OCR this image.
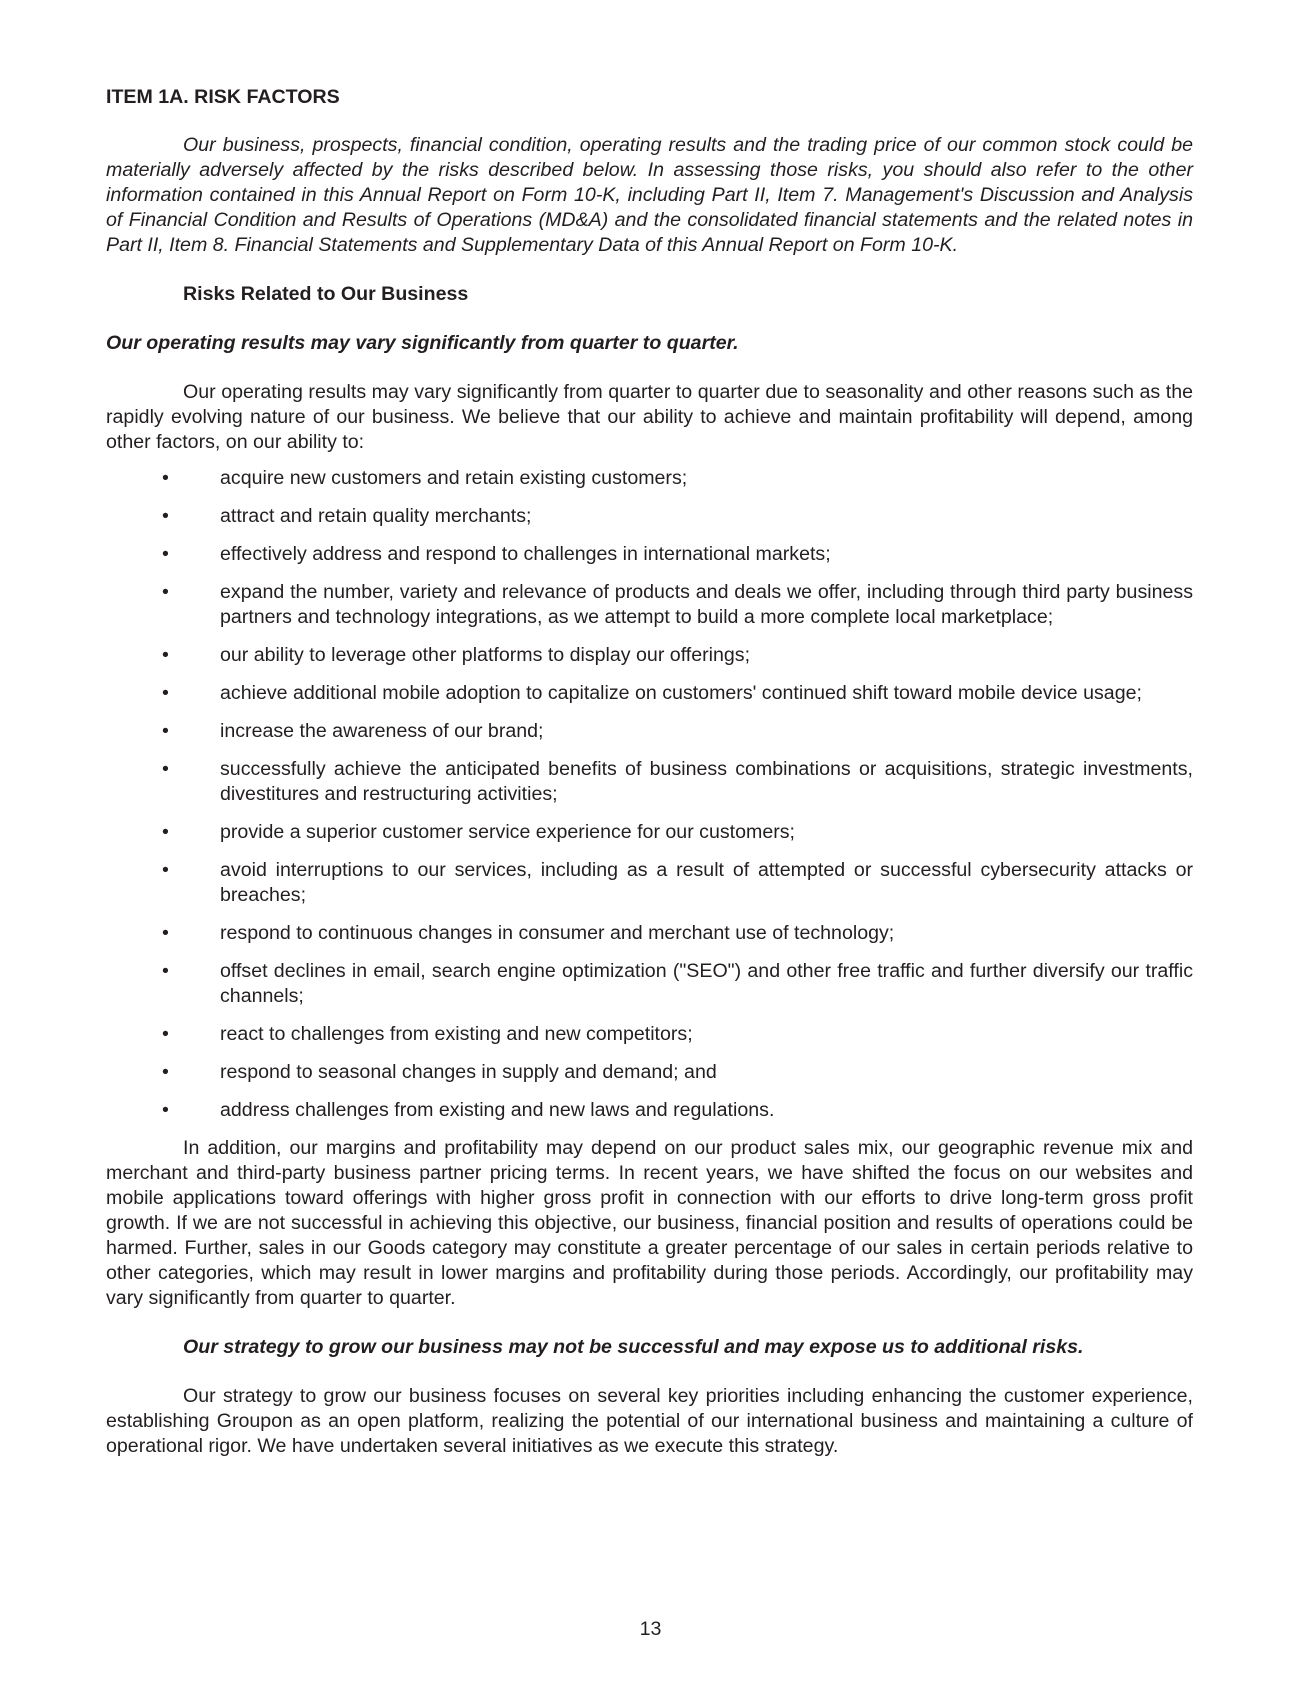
ITEM 1A. RISK FACTORS

Our business, prospects, financial condition, operating results and the trading price of our common stock could be materially adversely affected by the risks described below. In assessing those risks, you should also refer to the other information contained in this Annual Report on Form 10-K, including Part II, Item 7. Management's Discussion and Analysis of Financial Condition and Results of Operations (MD&A) and the consolidated financial statements and the related notes in Part II, Item 8. Financial Statements and Supplementary Data of this Annual Report on Form 10-K.

Risks Related to Our Business
Our operating results may vary significantly from quarter to quarter.

Our operating results may vary significantly from quarter to quarter due to seasonality and other reasons such as the rapidly evolving nature of our business. We believe that our ability to achieve and maintain profitability will depend, among other factors, on our ability to:

•	acquire new customers and retain existing customers;
•	attract and retain quality merchants;
•	effectively address and respond to challenges in international markets;
•	expand the number, variety and relevance of products and deals we offer, including through third party business partners and technology integrations, as we attempt to build a more complete local marketplace;
•	our ability to leverage other platforms to display our offerings;
•	achieve additional mobile adoption to capitalize on customers' continued shift toward mobile device usage;
•	increase the awareness of our brand;
•	successfully achieve the anticipated benefits of business combinations or acquisitions, strategic investments, divestitures and restructuring activities;
•	provide a superior customer service experience for our customers;
•	avoid interruptions to our services, including as a result of attempted or successful cybersecurity attacks or breaches;
•	respond to continuous changes in consumer and merchant use of technology;
•	offset declines in email, search engine optimization ("SEO") and other free traffic and further diversify our traffic channels;
•	react to challenges from existing and new competitors;
•	respond to seasonal changes in supply and demand; and
•	address challenges from existing and new laws and regulations.

In addition, our margins and profitability may depend on our product sales mix, our geographic revenue mix and merchant and third-party business partner pricing terms. In recent years, we have shifted the focus on our websites and mobile applications toward offerings with higher gross profit in connection with our efforts to drive long-term gross profit growth. If we are not successful in achieving this objective, our business, financial position and results of operations could be harmed. Further, sales in our Goods category may constitute a greater percentage of our sales in certain periods relative to other categories, which may result in lower margins and profitability during those periods. Accordingly, our profitability may vary significantly from quarter to quarter.

Our strategy to grow our business may not be successful and may expose us to additional risks.

Our strategy to grow our business focuses on several key priorities including enhancing the customer experience, establishing Groupon as an open platform, realizing the potential of our international business and maintaining a culture of operational rigor. We have undertaken several initiatives as we execute this strategy.

13
